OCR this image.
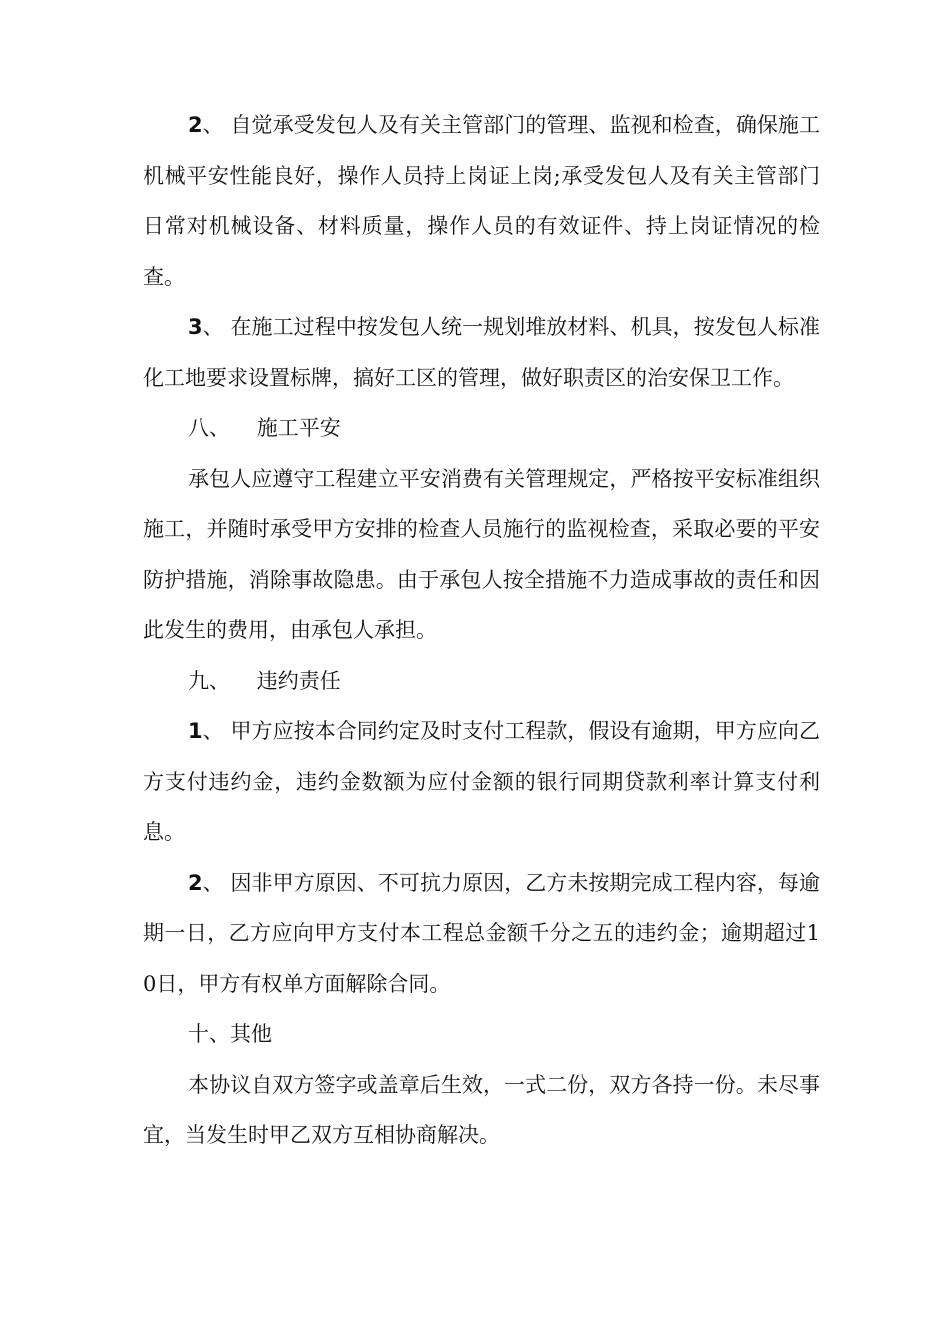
2、 自觉承受发包人及有关主管部门的管理、监视和检查，确保施工机械平安性能良好，操作人员持上岗证上岗;承受发包人及有关主管部门日常对机械设备、材料质量，操作人员的有效证件、持上岗证情况的检查。

3、 在施工过程中按发包人统一规划堆放材料、机具，按发包人标准化工地要求设置标牌，搞好工区的管理，做好职责区的治安保卫工作。

八、    施工平安

承包人应遵守工程建立平安消费有关管理规定，严格按平安标准组织施工，并随时承受甲方安排的检查人员施行的监视检查，采取必要的平安防护措施，消除事故隐患。由于承包人按全措施不力造成事故的责任和因此发生的费用，由承包人承担。

九、    违约责任

1、 甲方应按本合同约定及时支付工程款，假设有逾期，甲方应向乙方支付违约金，违约金数额为应付金额的银行同期贷款利率计算支付利息。

2、 因非甲方原因、不可抗力原因，乙方未按期完成工程内容，每逾期一日，乙方应向甲方支付本工程总金额千分之五的违约金；逾期超过10日，甲方有权单方面解除合同。

十、其他

本协议自双方签字或盖章后生效，一式二份，双方各持一份。未尽事宜，当发生时甲乙双方互相协商解决。
